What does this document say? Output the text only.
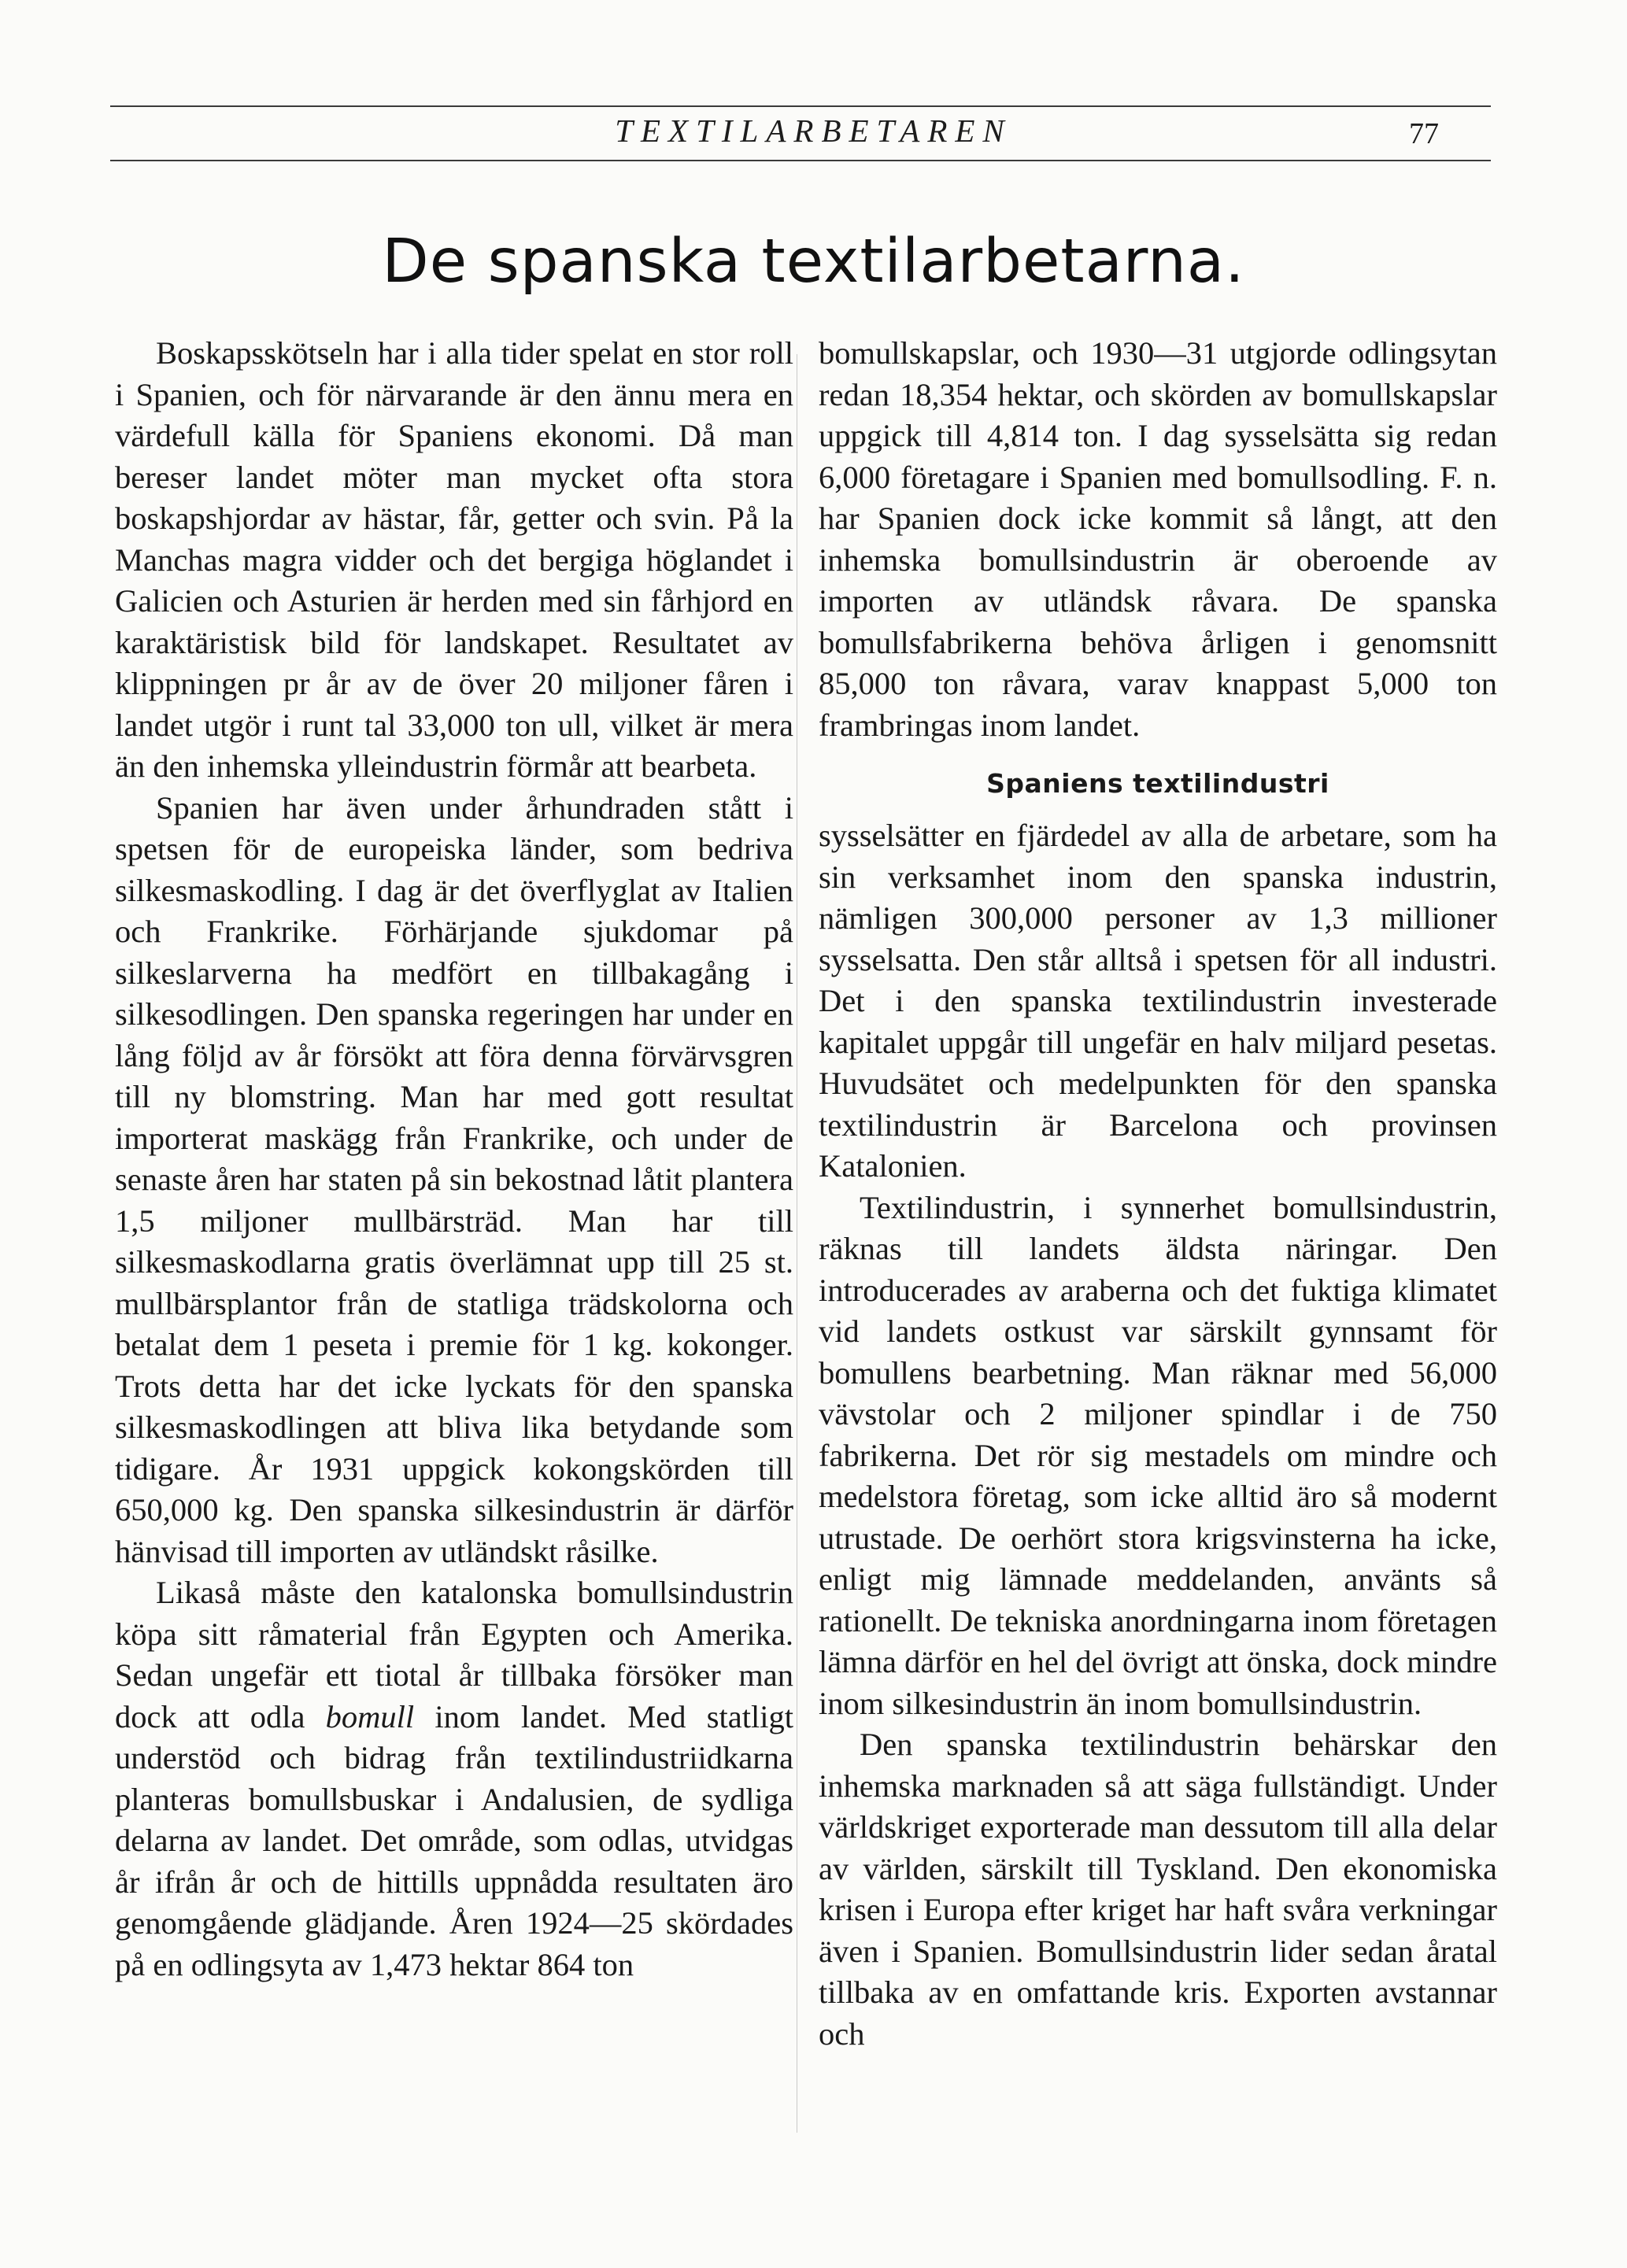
TEXTILARBETAREN	77
De spanska textilarbetarna.

Boskapsskötseln har i alla tider spelat en stor roll i Spanien, och för närvarande är den ännu mera en värdefull källa för Spaniens ekonomi. Då man bereser landet möter man mycket ofta stora boskapshjordar av hästar, får, getter och svin. På la Manchas magra vidder och det bergiga höglandet i Galicien och Asturien är herden med sin fårhjord en karaktäristisk bild för landskapet. Resultatet av klippningen pr år av de över 20 miljoner fåren i landet utgör i runt tal 33,000 ton ull, vilket är mera än den inhemska ylleindustrin förmår att bearbeta.

Spanien har även under århundraden stått i spetsen för de europeiska länder, som bedriva silkesmaskodling. I dag är det överflyglat av Italien och Frankrike. Förhärjande sjukdomar på silkeslarverna ha medfört en tillbakagång i silkesodlingen. Den spanska regeringen har under en lång följd av år försökt att föra denna förvärvsgren till ny blomstring. Man har med gott resultat importerat maskägg från Frankrike, och under de senaste åren har staten på sin bekostnad låtit plantera 1,5 miljoner mullbärsträd. Man har till silkesmaskodlarna gratis överlämnat upp till 25 st. mullbärsplantor från de statliga trädskolorna och betalat dem 1 peseta i premie för 1 kg. kokonger. Trots detta har det icke lyckats för den spanska silkesmaskodlingen att bliva lika betydande som tidigare. År 1931 uppgick kokongskörden till 650,000 kg. Den spanska silkesindustrin är därför hänvisad till importen av utländskt råsilke.

Likaså måste den katalonska bomullsindustrin köpa sitt råmaterial från Egypten och Amerika. Sedan ungefär ett tiotal år tillbaka försöker man dock att odla bomull inom landet. Med statligt understöd och bidrag från textilindustriidkarna planteras bomullsbuskar i Andalusien, de sydliga delarna av landet. Det område, som odlas, utvidgas år ifrån år och de hittills uppnådda resultaten äro genomgående glädjande. Åren 1924—25 skördades på en odlingsyta av 1,473 hektar 864 ton

bomullskapslar, och 1930—31 utgjorde odlingsytan redan 18,354 hektar, och skörden av bomullskapslar uppgick till 4,814 ton. I dag sysselsätta sig redan 6,000 företagare i Spanien med bomullsodling. F. n. har Spanien dock icke kommit så långt, att den inhemska bomullsindustrin är oberoende av importen av utländsk råvara. De spanska bomullsfabrikerna behöva årligen i genomsnitt 85,000 ton råvara, varav knappast 5,000 ton frambringas inom landet.

Spaniens textilindustri

sysselsätter en fjärdedel av alla de arbetare, som ha sin verksamhet inom den spanska industrin, nämligen 300,000 personer av 1,3 millioner sysselsatta. Den står alltså i spetsen för all industri. Det i den spanska textilindustrin investerade kapitalet uppgår till ungefär en halv miljard pesetas. Huvudsätet och medelpunkten för den spanska textilindustrin är Barcelona och provinsen Katalonien.

Textilindustrin, i synnerhet bomullsindustrin, räknas till landets äldsta näringar. Den introducerades av araberna och det fuktiga klimatet vid landets ostkust var särskilt gynnsamt för bomullens bearbetning. Man räknar med 56,000 vävstolar och 2 miljoner spindlar i de 750 fabrikerna. Det rör sig mestadels om mindre och medelstora företag, som icke alltid äro så modernt utrustade. De oerhört stora krigsvinsterna ha icke, enligt mig lämnade meddelanden, använts så rationellt. De tekniska anordningarna inom företagen lämna därför en hel del övrigt att önska, dock mindre inom silkesindustrin än inom bomullsindustrin.

Den spanska textilindustrin behärskar den inhemska marknaden så att säga fullständigt. Under världskriget exporterade man dessutom till alla delar av världen, särskilt till Tyskland. Den ekonomiska krisen i Europa efter kriget har haft svåra verkningar även i Spanien. Bomullsindustrin lider sedan åratal tillbaka av en omfattande kris. Exporten avstannar och
